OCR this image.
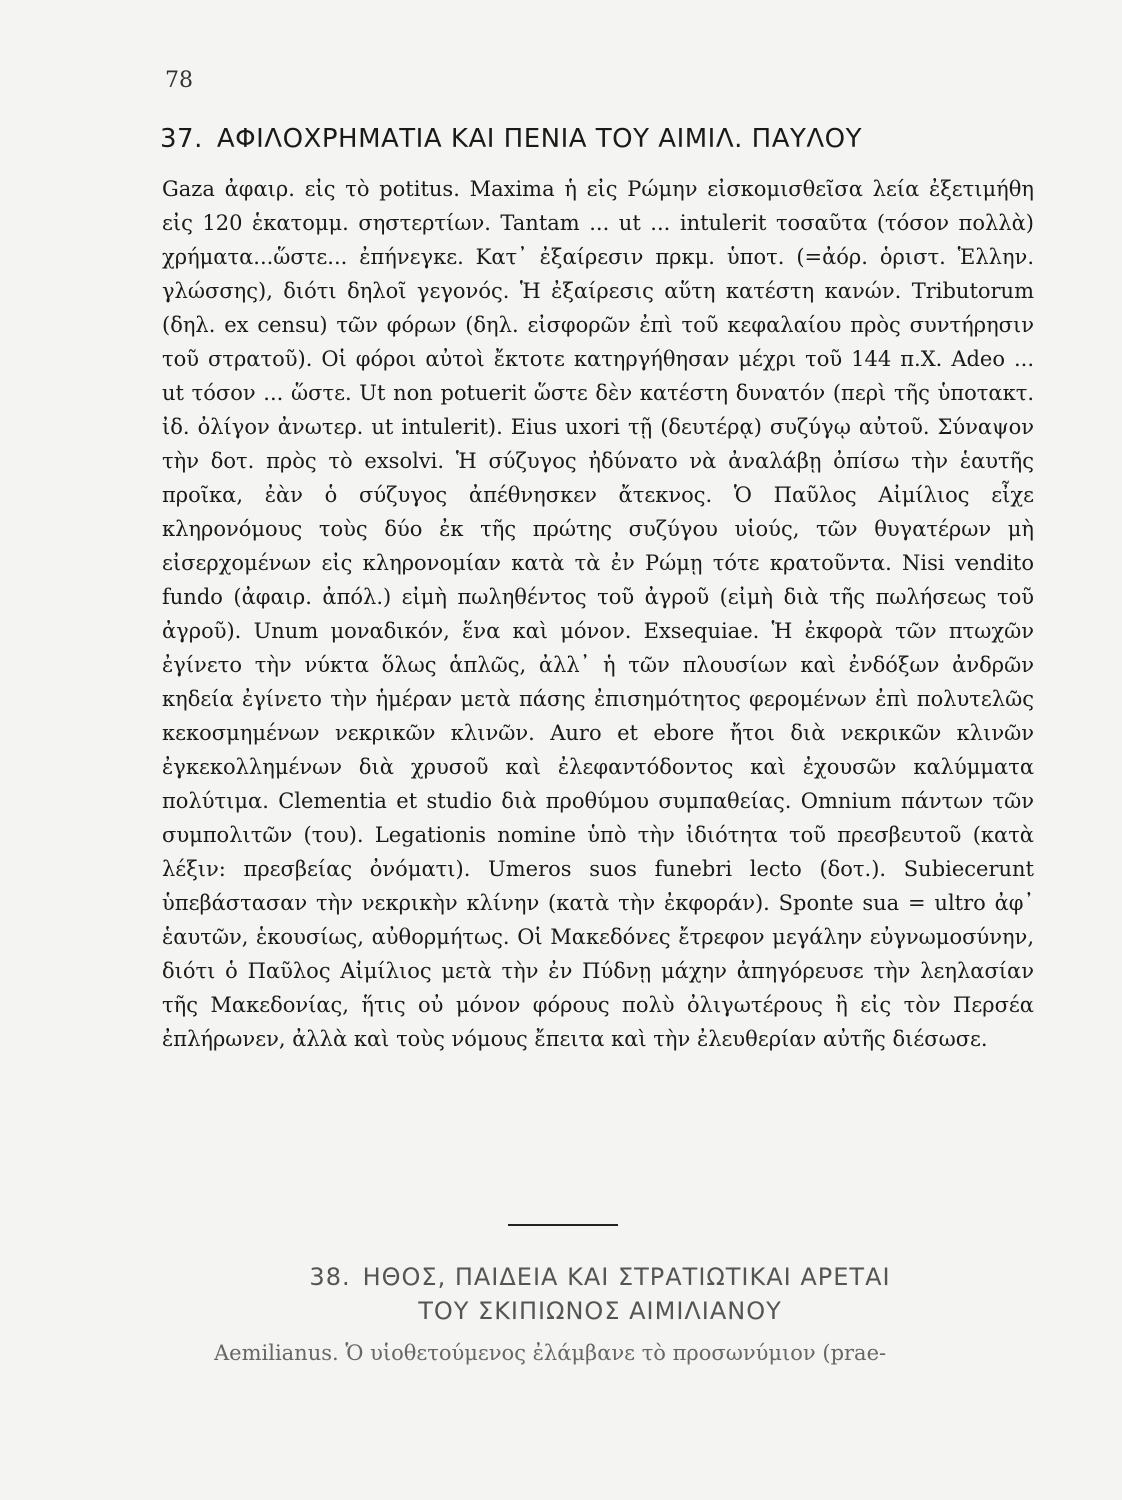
78
37. ΑΦΙΛΟΧΡΗΜΑΤΙΑ ΚΑΙ ΠΕΝΙΑ ΤΟΥ ΑΙΜΙΛ. ΠΑΥΛΟΥ

Gaza ἀφαιρ. εἰς τὸ potitus. Maxima ἡ εἰς Ρώμην εἰσκομισθεῖσα λεία ἐξετιμήθη εἰς 120 ἑκατομμ. σηστερτίων. Tantam ... ut ... intulerit τοσαῦτα (τόσον πολλὰ) χρήματα...ὥστε... ἐπήνεγκε. Κατ᾽ ἐξαίρεσιν πρκμ. ὑποτ. (=ἀόρ. ὁριστ. Ἑλλην. γλώσσης), διότι δηλοῖ γεγονός. Ἡ ἐξαίρεσις αὕτη κατέστη κανών. Tributorum (δηλ. ex censu) τῶν φόρων (δηλ. εἰσφορῶν ἐπὶ τοῦ κεφαλαίου πρὸς συντήρησιν τοῦ στρατοῦ). Οἱ φόροι αὐτοὶ ἔκτοτε κατηργήθησαν μέχρι τοῦ 144 π.Χ. Adeo ... ut τόσον ... ὥστε. Ut non potuerit ὥστε δὲν κατέστη δυνατόν (περὶ τῆς ὑποτακτ. ἰδ. ὀλίγον ἀνωτερ. ut intulerit). Eius uxori τῇ (δευτέρᾳ) συζύγῳ αὐτοῦ. Σύναψον τὴν δοτ. πρὸς τὸ exsolvi. Ἡ σύζυγος ἠδύνατο νὰ ἀναλάβῃ ὀπίσω τὴν ἑαυτῆς προῖκα, ἐὰν ὁ σύζυγος ἀπέθνησκεν ἄτεκνος. Ὁ Παῦλος Αἰμίλιος εἶχε κληρονόμους τοὺς δύο ἐκ τῆς πρώτης συζύγου υἱούς, τῶν θυγατέρων μὴ εἰσερχομένων εἰς κληρονομίαν κατὰ τὰ ἐν Ρώμῃ τότε κρατοῦντα. Nisi vendito fundo (ἀφαιρ. ἀπόλ.) εἰμὴ πωληθέντος τοῦ ἀγροῦ (εἰμὴ διὰ τῆς πωλήσεως τοῦ ἀγροῦ). Unum μοναδικόν, ἕνα καὶ μόνον. Exsequiae. Ἡ ἐκφορὰ τῶν πτωχῶν ἐγίνετο τὴν νύκτα ὅλως ἁπλῶς, ἀλλ᾽ ἡ τῶν πλουσίων καὶ ἐνδόξων ἀνδρῶν κηδεία ἐγίνετο τὴν ἡμέραν μετὰ πάσης ἐπισημότητος φερομένων ἐπὶ πολυτελῶς κεκοσμημένων νεκρικῶν κλινῶν. Auro et ebore ἤτοι διὰ νεκρικῶν κλινῶν ἐγκεκολλημένων διὰ χρυσοῦ καὶ ἐλεφαντόδοντος καὶ ἐχουσῶν καλύμματα πολύτιμα. Clementia et studio διὰ προθύμου συμπαθείας. Omnium πάντων τῶν συμπολιτῶν (του). Legationis nomine ὑπὸ τὴν ἰδιότητα τοῦ πρεσβευτοῦ (κατὰ λέξιν: πρεσβείας ὀνόματι). Umeros suos funebri lecto (δοτ.). Subiecerunt ὑπεβάστασαν τὴν νεκρικὴν κλίνην (κατὰ τὴν ἐκφοράν). Sponte sua = ultro ἀφ᾽ ἑαυτῶν, ἑκουσίως, αὐθορμήτως. Οἱ Μακεδόνες ἔτρεφον μεγάλην εὐγνωμοσύνην, διότι ὁ Παῦλος Αἰμίλιος μετὰ τὴν ἐν Πύδνῃ μάχην ἀπηγόρευσε τὴν λεηλασίαν τῆς Μακεδονίας, ἥτις οὐ μόνον φόρους πολὺ ὀλιγωτέρους ἢ εἰς τὸν Περσέα ἐπλήρωνεν, ἀλλὰ καὶ τοὺς νόμους ἔπειτα καὶ τὴν ἐλευθερίαν αὐτῆς διέσωσε.

38. ΗΘΟΣ, ΠΑΙΔΕΙΑ ΚΑΙ ΣΤΡΑΤΙΩΤΙΚΑΙ ΑΡΕΤΑΙ
ΤΟΥ ΣΚΙΠΙΩΝΟΣ ΑΙΜΙΛΙΑΝΟΥ

Aemilianus. Ὁ υἱοθετούμενος ἐλάμβανε τὸ προσωνύμιον (prae-
